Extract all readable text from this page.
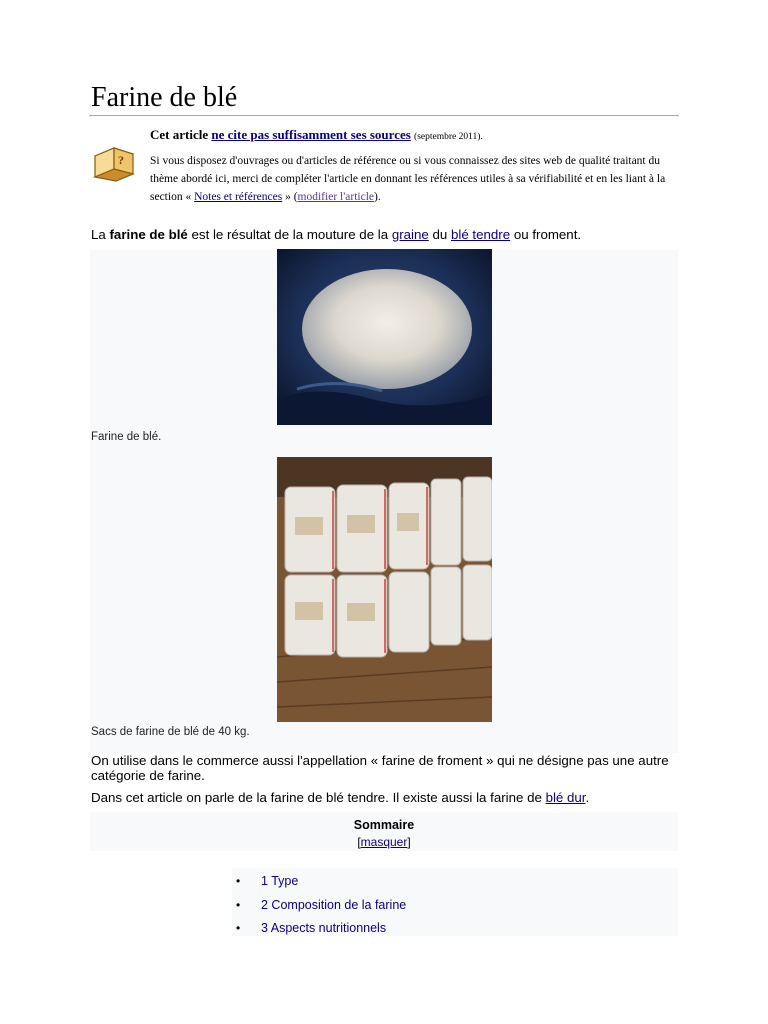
Farine de blé
?

Cet article ne cite pas suffisamment ses sources (septembre 2011).

Si vous disposez d'ouvrages ou d'articles de référence ou si vous connaissez des sites web de qualité traitant du thème abordé ici, merci de compléter l'article en donnant les références utiles à sa vérifiabilité et en les liant à la section « Notes et références » (modifier l'article).

La farine de blé est le résultat de la mouture de la graine du blé tendre ou froment.

Farine de blé.

Sacs de farine de blé de 40 kg.

On utilise dans le commerce aussi l'appellation « farine de froment » qui ne désigne pas une autre catégorie de farine.

Dans cet article on parle de la farine de blé tendre. Il existe aussi la farine de blé dur.

Sommaire

[masquer]

•	1 Type
•	2 Composition de la farine
•	3 Aspects nutritionnels
